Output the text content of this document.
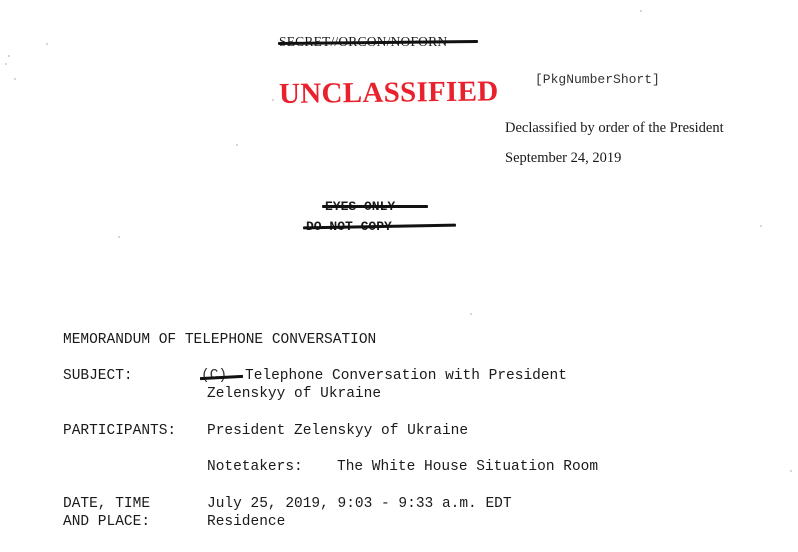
UNCLASSIFIED	[PkgNumberShort]
Declassified by order of the President
September 24, 2019
MEMORANDUM OF TELEPHONE CONVERSATION
SUBJECT:	Telephone Conversation with President
Zelenskyy of Ukraine
PARTICIPANTS: President Zelenskyy of Ukraine
Notetakers: The White House Situation Room
DATE, TIME
AND PLACE:
July 25, 2019, 9:03 - 9:33 a.m. EDT
Residence
